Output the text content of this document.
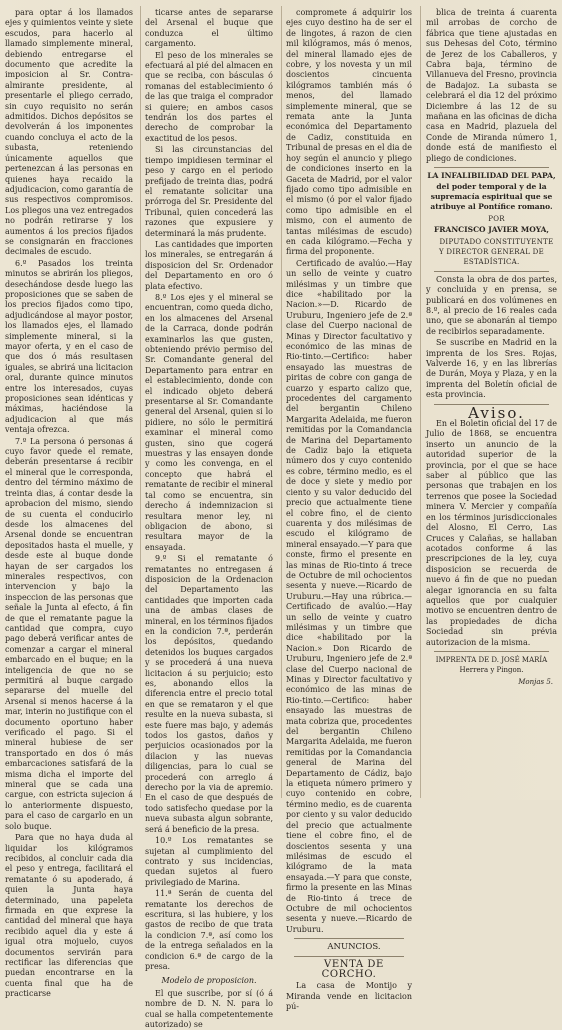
para optar á los llamados ejes y quimientos veinte y siete escudos, para hacerlo al llamado simplemente mineral, debiendo entregarse el documento que acredite la imposicion al Sr. Contra-almirante presidente, al presentarle el pliego cerrado, sin cuyo requisito no serán admitidos. Dichos depósitos se devolverán á los imponentes cuando concluya el acto de la subasta, reteniendo únicamente aquellos que pertenezcan á las personas en quienes haya recaido la adjudicacion, como garantía de sus respectivos compromisos. Los pliegos una vez entregados no podrán retirarse y los aumentos á los precios fijados se consignarán en fracciones decimales de escudo.

6.º Pasados los treinta minutos se abrirán los pliegos, desechándose desde luego las proposiciones que se saben de los precios fijados como tipo, adjudicándose al mayor postor, los llamados ejes, el llamado simplemente mineral, si la mayor oferta, y en el caso de que dos ó más resultasen iguales, se abrirá una licitacion oral, durante quince minutos entre los interesados, cuyas proposiciones sean idénticas y máximas, haciéndose la adjudicacion al que más ventaja ofrezca.

7.º La persona ó personas á cuyo favor quede el remate, deberán presentarse á recibir el mineral que le corresponda, dentro del término máximo de treinta dias, á contar desde la aprobacion del mismo, siendo de su cuenta el conducirlo desde los almacenes del Arsenal donde se encuentran depositados hasta el muelle, y desde este al buque donde hayan de ser cargados los minerales respectivos, con intervencion y bajo la inspeccion de las personas que señale la Junta al efecto, á fin de que el rematante pague la cantidad que compra, cuyo pago deberá verificar antes de comenzar a cargar el mineral embarcado en el buque; en la inteligencia de que no se permitirá al buque cargado separarse del muelle del Arsenal si menos hacerse á la mar, interin no justifique con el documento oportuno haber verificado el pago. Si el mineral hubiese de ser transportado en dos ó más embarcaciones satisfará de la misma dicha el importe del mineral que se cada una cargue, con estricta sujecion á lo anteriormente dispuesto, para el caso de cargarlo en un solo buque.

Para que no haya duda al liquidar los kilógramos recibidos, al concluir cada dia el peso y entrega, facilitará el rematante ó su apoderado, á quien la Junta haya determinado, una papeleta firmada en que exprese la cantidad del mineral que haya recibido aquel dia y este á igual otra mojuelo, cuyos documentos servirán para rectificar las diferencias que puedan encontrarse en la cuenta final que ha de practicarse

ticarse antes de separarse del Arsenal el buque que conduzca el último cargamento.

El peso de los minerales se efectuará al pié del almacen en que se reciba, con básculas ó romanas del establecimiento ó de las que traiga el comprador si quiere; en ambos casos tendrán los dos partes el derecho de comprobar la exactitud de los pesos.

Si las circunstancias del tiempo impidiesen terminar el peso y cargo en el periodo prefijado de treinta dias, podrá el rematante solicitar una prórroga del Sr. Presidente del Tribunal, quien concederá las razones que expusiere y determinará la más prudente.

Las cantidades que importen los minerales, se entregarán á disposicion del Sr. Ordenador del Departamento en oro ó plata efectivo.

8.º Los ejes y el mineral se encuentran, como queda dicho, en los almacenes del Arsenal de la Carraca, donde podrán examinarlos las que gusten, obteniendo préviο permiso del Sr. Comandante general del Departamento para entrar en el establecimiento, donde con el indicado objeto deberá presentarse al Sr. Comandante general del Arsenal, quien si lo pidiere, no sólo le permitirá examinar el mineral como gusten, sino que cogerá muestras y las ensayen donde y como les convenga, en el concepto que habrá el rematante de recibir el mineral tal como se encuentra, sin derecho á indemnizacion si resultara menor ley, ni obligacion de abono, si resultara mayor de la ensayada.

9.º Si el rematante ó rematantes no entregasen á disposicion de la Ordenacion del Departamento las cantidades que importen cada una de ambas clases de mineral, en los términos fijados en la condicion 7.ª, perderán los depósitos, quedando detenidos los buques cargados y se procederá á una nueva licitacion á su perjuicio; esto es, abonando ellos la diferencia entre el precio total en que se remataron y el que resulte en la nueva subasta, si este fuere mas bajo, y además todos los gastos, daños y perjuicios ocasionados por la dilacion y las nuevas diligencias, para lo cual se procederá con arreglo á derecho por la via de apremio. En el caso de que después de todo satisfecho quedase por la nueva subasta algun sobrante, será á beneficio de la presa.

10.º Los rematantes se sujetan al cumplimiento del contrato y sus incidencias, quedan sujetos al fuero privilegiado de Marina.

11.ª Serán de cuenta del rematante los derechos de escritura, si las hubiere, y los gastos de recibo de que trata la condicion 7.ª, así como los de la entrega señalados en la condicion 6.ª de cargo de la presa.

Modelo de proposicion.

El que suscribe, por sí (ó á nombre de D. N. N. para lo cual se halla competentemente autorizado) se

compromete á adquirir los ejes cuyo destino ha de ser el de lingotes, á razon de cien mil kilógramos, más ó menos, del mineral llamado ejes de cobre, y los novesta y un mil doscientos cincuenta kilógramos también más ó menos, del llamado simplemente mineral, que se remata ante la Junta económica del Departamento de Cadiz, constituida en Tribunal de presas en el dia de hoy según el anuncio y pliego de condiciones inserto en la Gaceta de Madrid, por el valor fijado como tipo admisible en el mismo (ó por el valor fijado como tipo admisible en el mismo, con el aumento de tantas milésimas de escudo) en cada kilógramo.—Fecha y firma del proponente.

Certificado de avalúo.—Hay un sello de veinte y cuatro milésimas y un timbre que dice «habilitado por la Nacion.»—D. Ricardo de Uruburu, Ingeniero jefe de 2.ª clase del Cuerpo nacional de Minas y Director facultativo y económico de las minas de Rio-tinto.—Certifico: haber ensayado las muestras de piritas de cobre con ganga de cuarzo y esparto calizo que, procedentes del cargamento del bergantin Chileno Margarita Adelaida, me fueron remitidas por la Comandancia de Marina del Departamento de Cadiz bajo la etiqueta número dos y cuyo contenido es cobre, término medio, es el de doce y siete y medio por ciento y su valor deducido del precio que actualmente tiene el cobre fino, el de ciento cuarenta y dos milésimas de escudo el kilógramo de mineral ensayado.—Y para que conste, firmo el presente en las minas de Rio-tinto á trece de Octubre de mil ochocientos sesenta y nueve.—Ricardo de Uruburu.—Hay una rúbrica.—Certificado de avalúo.—Hay un sello de veinte y cuatro milésimas y un timbre que dice «habilitado por la Nacion.» Don Ricardo de Uruburu, Ingeniero jefe de 2.ª clase del Cuerpo nacional de Minas y Director facultativo y económico de las minas de Rio-tinto.—Certifico: haber ensayado las muestras de mata cobriza que, procedentes del bergantin Chileno Margarita Adelaida, me fueron remitidas por la Comandancia general de Marina del Departamento de Cádiz, bajo la etiqueta número primero y cuyo contenido en cobre, término medio, es de cuarenta por ciento y su valor deducido del precio que actualmente tiene el cobre fino, el de doscientos sesenta y una milésimas de escudo el kilógramo de la mata ensayada.—Y para que conste, firmo la presente en las Minas de Rio-tinto á trece de Octubre de mil ochocientos sesenta y nueve.—Ricardo de Uruburu.

ANUNCIOS.

VENTA DE CORCHO.

La casa de Montijo y Miranda vende en licitacion pú-

blica de treinta á cuarenta mil arrobas de corcho de fábrica que tiene ajustadas en sus Dehesas del Coto, término de Jerez de los Caballeros, y Cabra baja, término de Villanueva del Fresno, provincia de Badajoz. La subasta se celebrará el dia 12 del próximo Diciembre á las 12 de su mañana en las oficinas de dicha casa en Madrid, plazuela del Conde de Miranda número 1, donde está de manifiesto el pliego de condiciones.

LA INFALIBILIDAD DEL PAPA, del poder temporal y de la supremacía espiritual que se atribuye al Pontífice romano.

POR

FRANCISCO JAVIER MOYA,

DIPUTADO CONSTITUYENTE Y DIRECTOR GENERAL DE ESTADÍSTICA.

Consta la obra de dos partes, y concluida y en prensa, se publicará en dos volúmenes en 8.º, al precio de 16 reales cada uno, que se abonarán al tiempo de recibirlos separadamente.

Se suscribe en Madrid en la imprenta de los Sres. Rojas, Valverde 16, y en las librerías de Durán, Moya y Plaza, y en la imprenta del Boletín oficial de esta provincia.

Aviso.

En el Boletin oficial del 17 de Julio de 1868, se encuentra inserto un anuncio de la autoridad superior de la provincia, por el que se hace saber al público que las personas que trabajen en los terrenos que posee la Sociedad minera V. Mercier y compañía en los términos jurisdiccionales del Alosno, El Cerro, Las Cruces y Calañas, se hallaban acotados conforme á las prescripciones de la ley, cuya disposicion se recuerda de nuevo á fin de que no puedan alegar ignorancia en su falta aquellos que por cualquier motivo se encuentren dentro de las propiedades de dicha Sociedad sin prévia autorizacion de la misma.

IMPRENTA DE D. JOSÉ MARÍA Herrera y Pingon.

Monjas 5.
